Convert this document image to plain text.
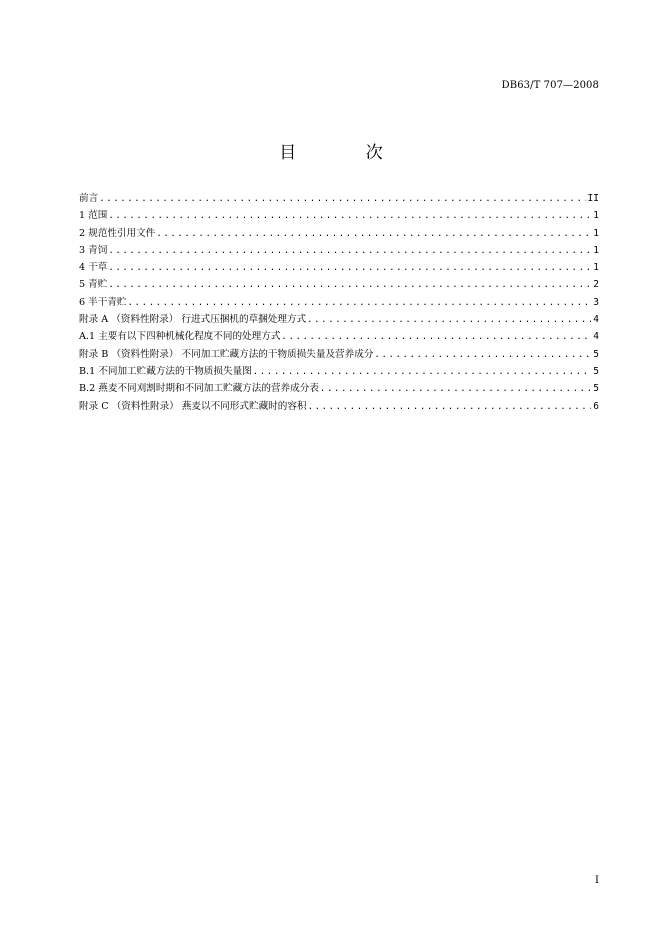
DB63/T 707—2008
目 次
前言 .....	II
1 范围 .....	1
2 规范性引用文件 .....	1
3 青饲 .....	1
4 干草 .....	1
5 青贮 .....	2
6 半干青贮 .....	3
附录 A （资料性附录） 行进式压捆机的草捆处理方式 .....	4
A.1 主要有以下四种机械化程度不同的处理方式 .....	4
附录 B （资料性附录） 不同加工贮藏方法的干物质损失量及营养成分 .....	5
B.1 不同加工贮藏方法的干物质损失量图 .....	5
B.2 燕麦不同刈割时期和不同加工贮藏方法的营养成分表 .....	5
附录 C （资料性附录） 燕麦以不同形式贮藏时的容积 .....	6
I
